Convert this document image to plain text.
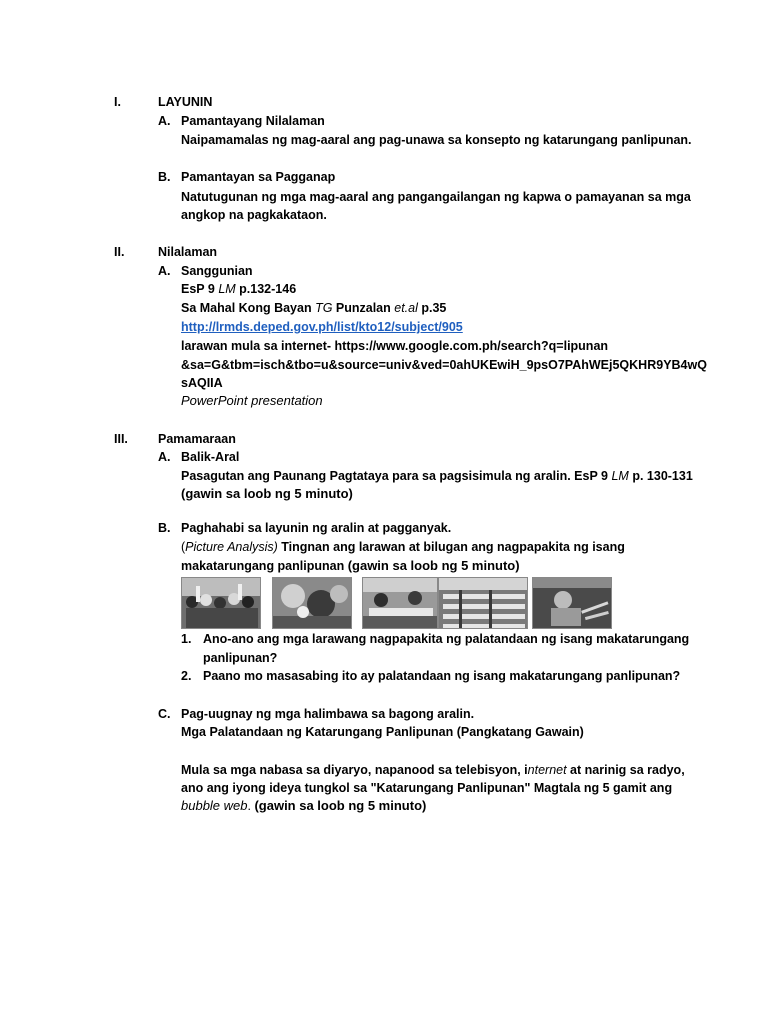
I.	LAYUNIN
A. Pamantayang Nilalaman
Naipamamalas ng mag-aaral ang pag-unawa sa konsepto ng katarungang panlipunan.
B. Pamantayan sa Pagganap
Natutugunan ng mga mag-aaral ang pangangailangan ng kapwa o pamayanan sa mga
angkop na pagkakataon.
II.	Nilalaman
A. Sanggunian
EsP 9 LM p.132-146
Sa Mahal Kong Bayan TG Punzalan et.al p.35
http://lrmds.deped.gov.ph/list/kto12/subject/905
larawan mula sa internet- https://www.google.com.ph/search?q=lipunan
&sa=G&tbm=isch&tbo=u&source=univ&ved=0ahUKEwiH_9psO7PAhWEj5QKHR9YB4wQ
sAQIIA
PowerPoint presentation
III. Pamamaraan
A. Balik-Aral
Pasagutan ang Paunang Pagtataya para sa pagsisimula ng aralin. EsP 9 LM p. 130-131
(gawin sa loob ng 5 minuto)
B. Paghahabi sa layunin ng aralin at pagganyak.
(Picture Analysis) Tingnan ang larawan at bilugan ang nagpapakita ng isang
makatarungang panlipunan (gawin sa loob ng 5 minuto)
1. Ano-ano ang mga larawang nagpapakita ng palatandaan ng isang makatarungang
panlipunan?
2. Paano mo masasabing ito ay palatandaan ng isang makatarungang panlipunan?
C. Pag-uugnay ng mga halimbawa sa bagong aralin.
Mga Palatandaan ng Katarungang Panlipunan (Pangkatang Gawain)
Mula sa mga nabasa sa diyaryo, napanood sa telebisyon, internet at narinig sa radyo,
ano ang iyong ideya tungkol sa "Katarungang Panlipunan" Magtala ng 5 gamit ang
bubble web. (gawin sa loob ng 5 minuto)
